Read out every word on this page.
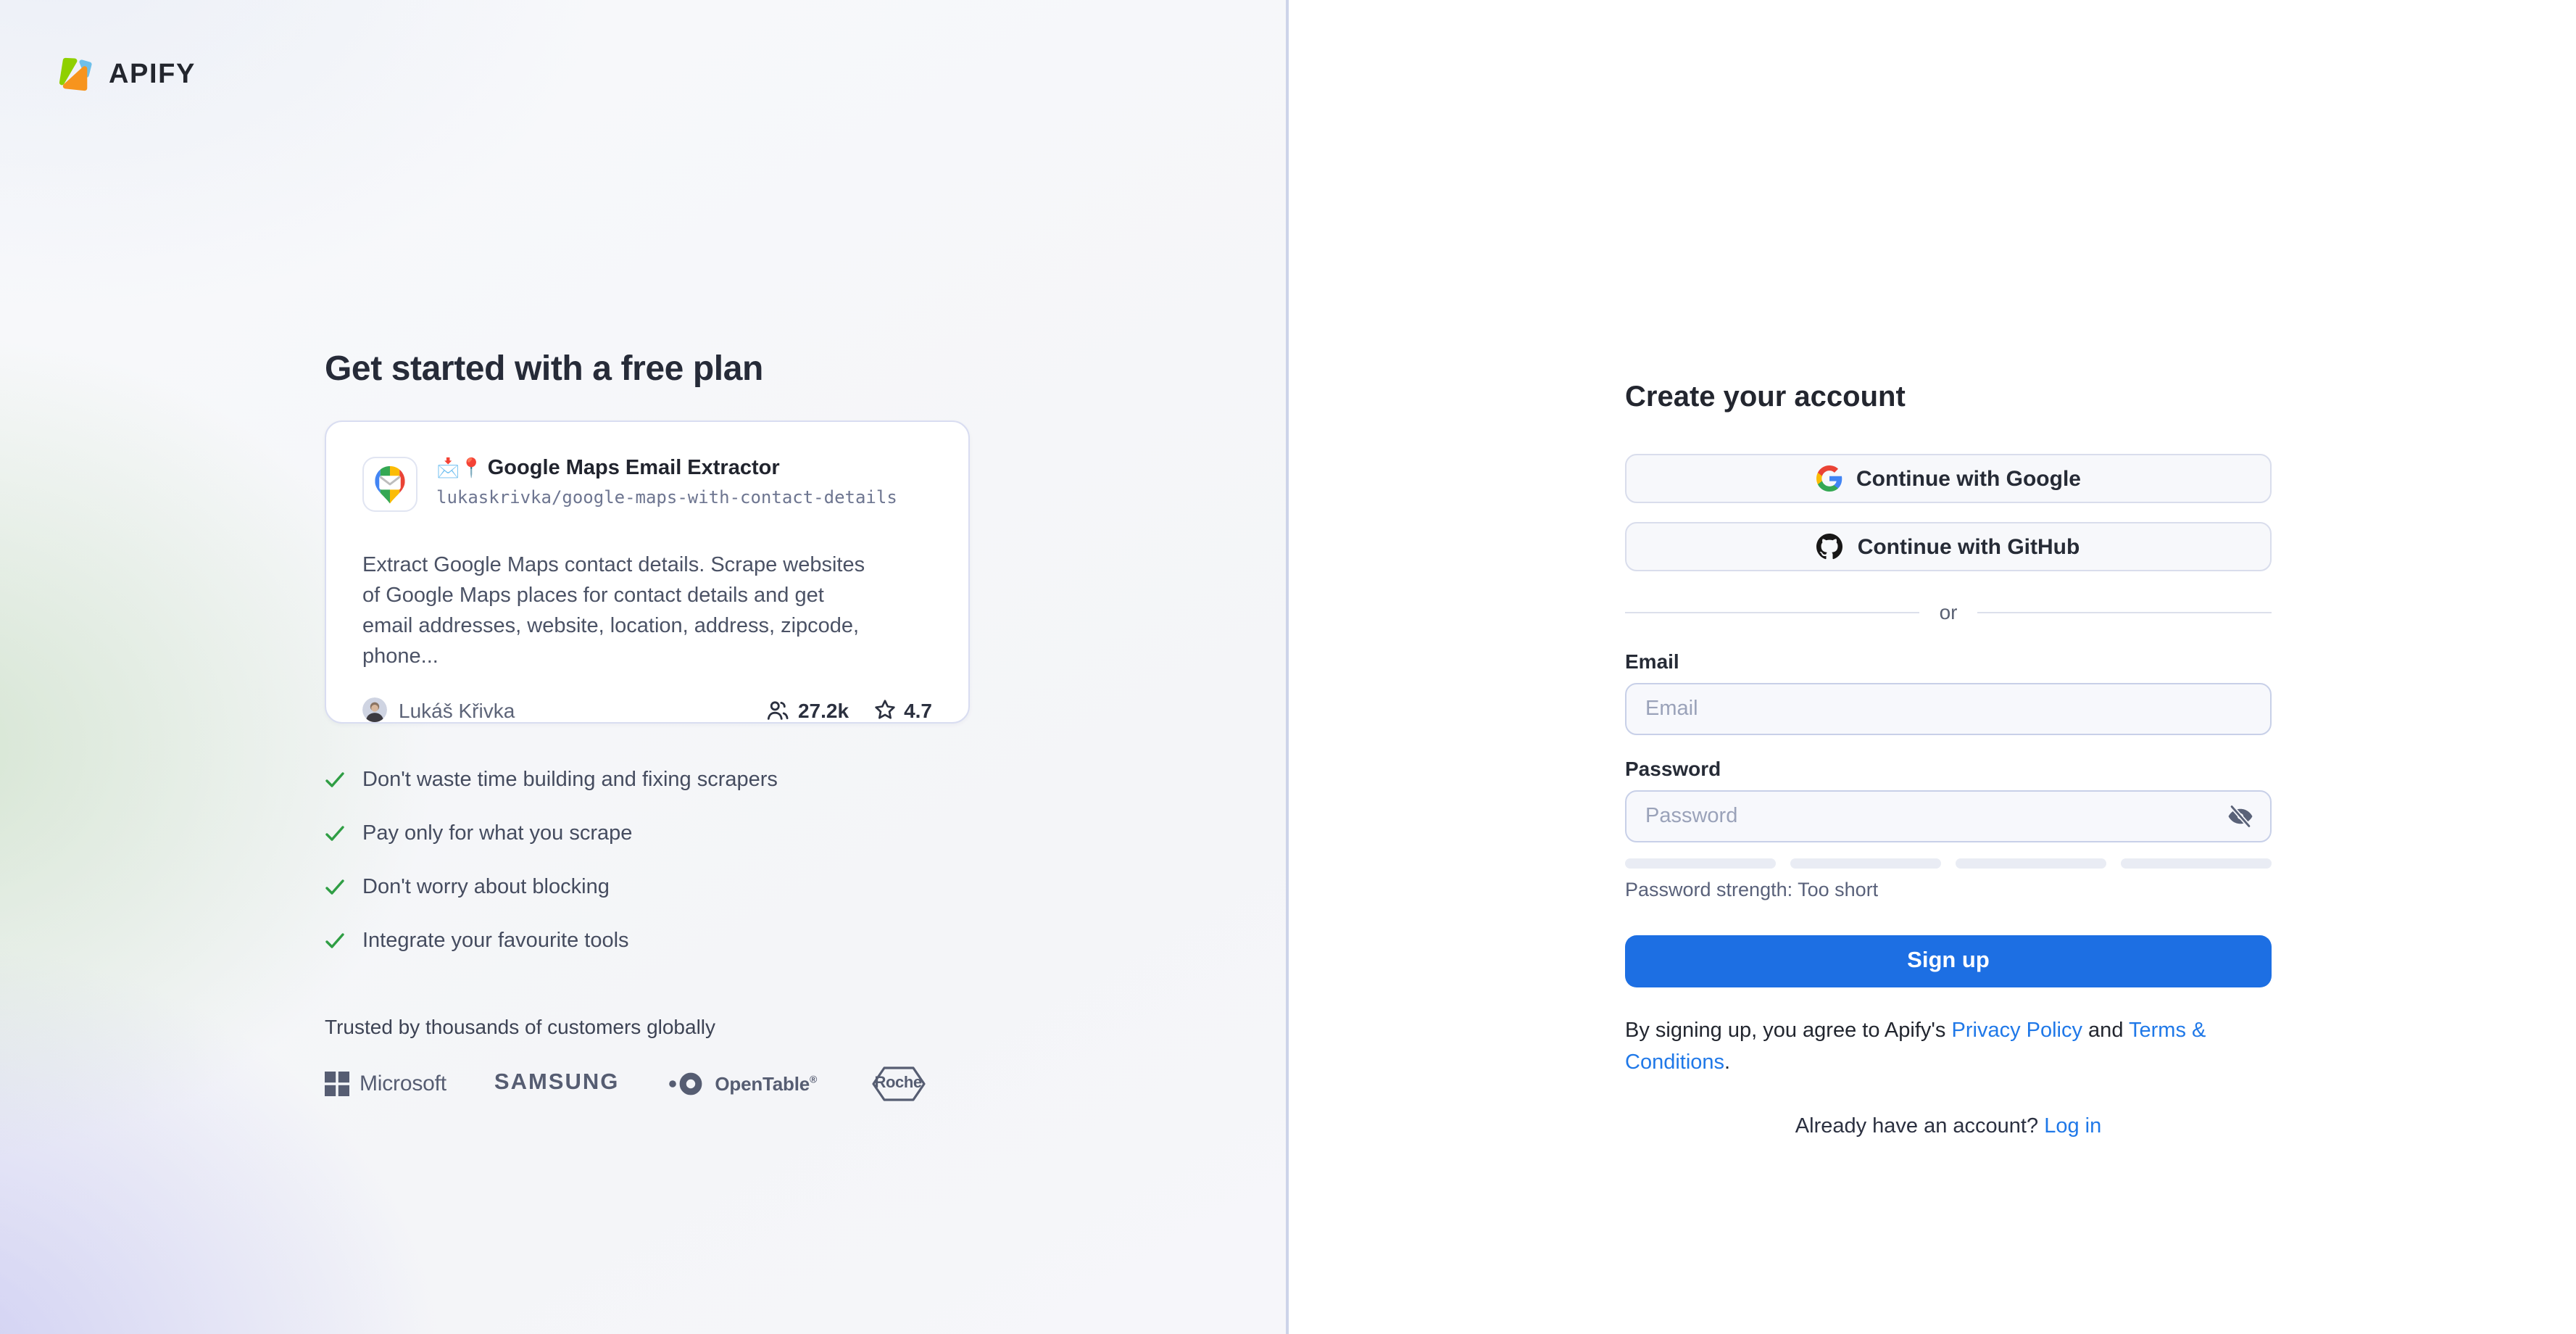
APIFY
Get started with a free plan
📩📍 Google Maps Email Extractor
lukaskrivka/google-maps-with-contact-details

Extract Google Maps contact details. Scrape websites of Google Maps places for contact details and get email addresses, website, location, address, zipcode, phone...

Lukáš Křivka	27.2k	4.7
Don't waste time building and fixing scrapers
Pay only for what you scrape
Don't worry about blocking
Integrate your favourite tools

Trusted by thousands of customers globally

Microsoft	SAMSUNG	OpenTable®	Roche
Create your account
Continue with Google
Continue with GitHub
or
Email
Email
Password

Password strength: Too short

Sign up

By signing up, you agree to Apify's Privacy Policy and Terms & Conditions.

Already have an account? Log in
